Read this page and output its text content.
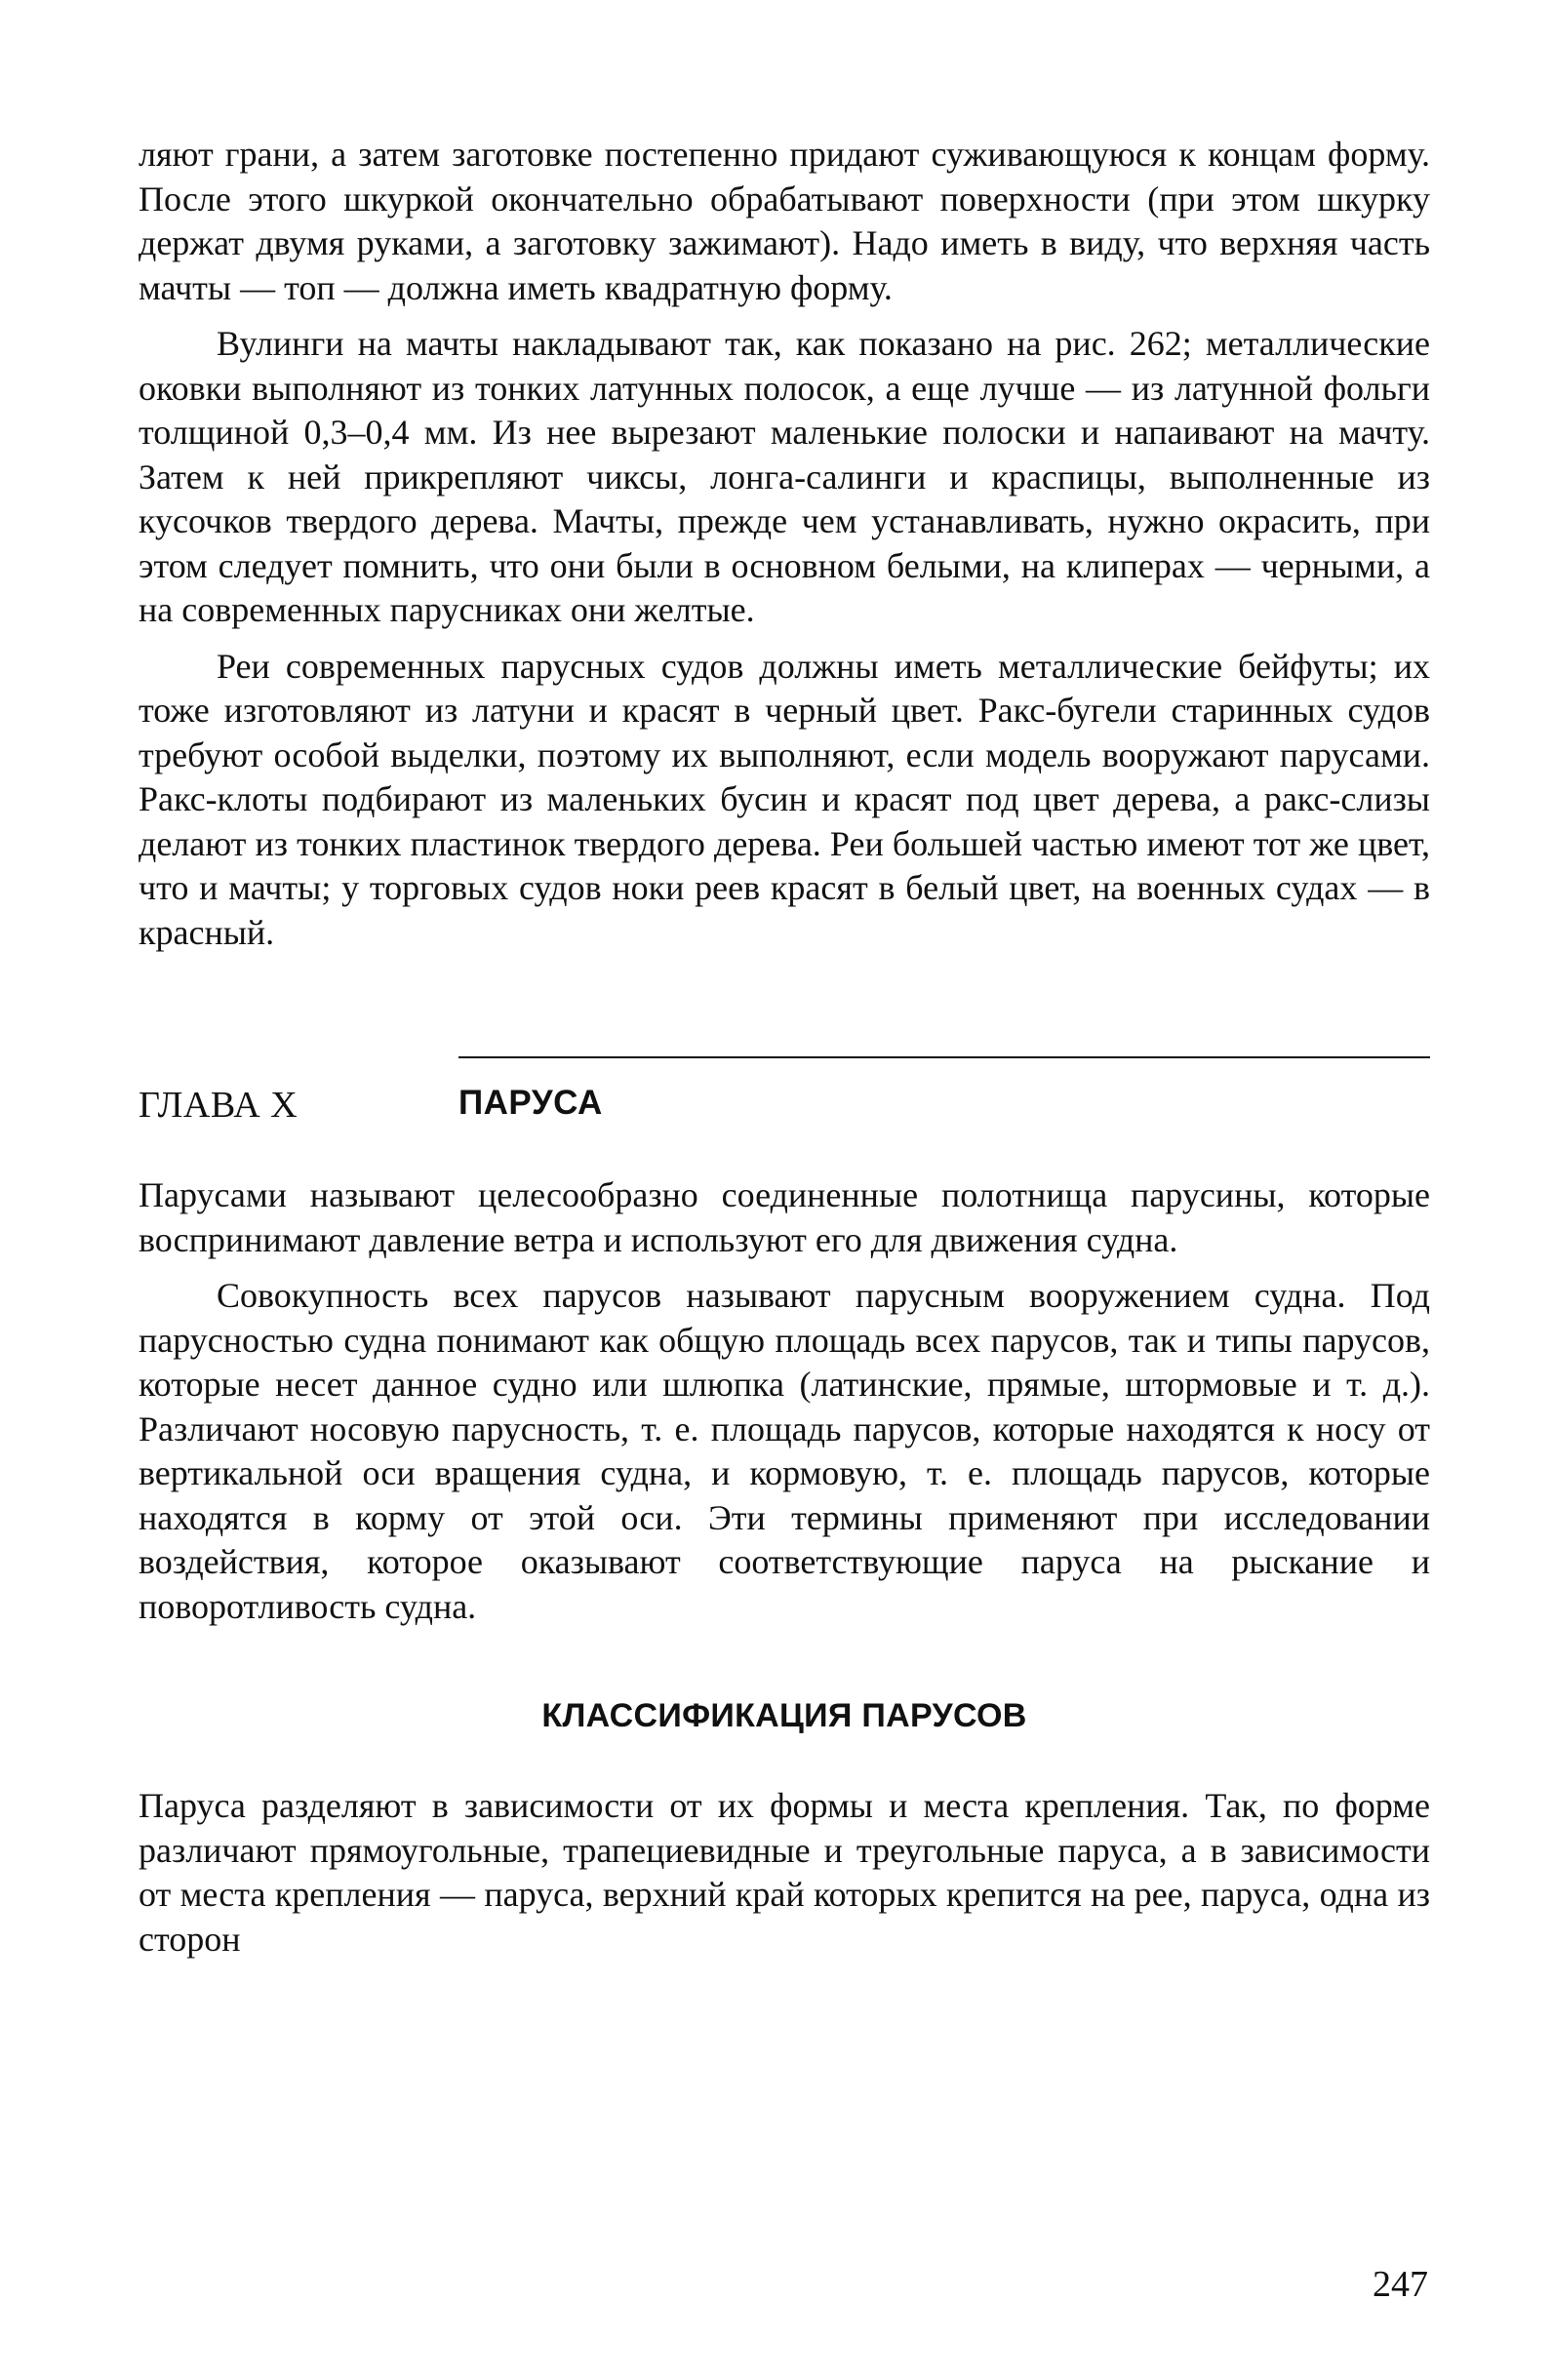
ляют грани, а затем заготовке постепенно придают суживающуюся к концам форму. После этого шкуркой окончательно обрабатывают поверхности (при этом шкурку держат двумя руками, а заготовку зажимают). Надо иметь в виду, что верхняя часть мачты — топ — должна иметь квадратную форму.

Вулинги на мачты накладывают так, как показано на рис. 262; металлические оковки выполняют из тонких латунных полосок, а еще лучше — из латунной фольги толщиной 0,3–0,4 мм. Из нее вырезают маленькие полоски и напаивают на мачту. Затем к ней прикрепляют чиксы, лонга-салинги и краспицы, выполненные из кусочков твердого дерева. Мачты, прежде чем устанавливать, нужно окрасить, при этом следует помнить, что они были в основном белыми, на клиперах — черными, а на современных парусниках они желтые.

Реи современных парусных судов должны иметь металлические бейфуты; их тоже изготовляют из латуни и красят в черный цвет. Ракс-бугели старинных судов требуют особой выделки, поэтому их выполняют, если модель вооружают парусами. Ракс-клоты подбирают из маленьких бусин и красят под цвет дерева, а ракс-слизы делают из тонких пластинок твердого дерева. Реи большей частью имеют тот же цвет, что и мачты; у торговых судов ноки реев красят в белый цвет, на военных судах — в красный.

ГЛАВА X	ПАРУСА

Парусами называют целесообразно соединенные полотнища парусины, которые воспринимают давление ветра и используют его для движения судна.

Совокупность всех парусов называют парусным вооружением судна. Под парусностью судна понимают как общую площадь всех парусов, так и типы парусов, которые несет данное судно или шлюпка (латинские, прямые, штормовые и т. д.). Различают носовую парусность, т. е. площадь парусов, которые находятся к носу от вертикальной оси вращения судна, и кормовую, т. е. площадь парусов, которые находятся в корму от этой оси. Эти термины применяют при исследовании воздействия, которое оказывают соответствующие паруса на рыскание и поворотливость судна.

КЛАССИФИКАЦИЯ ПАРУСОВ

Паруса разделяют в зависимости от их формы и места крепления. Так, по форме различают прямоугольные, трапециевидные и треугольные паруса, а в зависимости от места крепления — паруса, верхний край которых крепится на рее, паруса, одна из сторон

247
